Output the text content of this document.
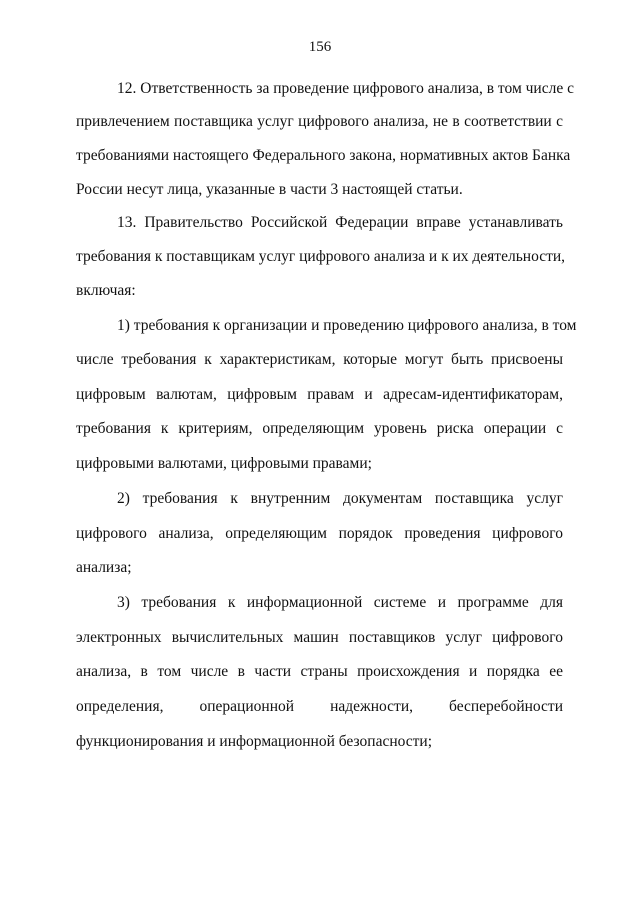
156
12. Ответственность за проведение цифрового анализа, в том числе с
привлечением поставщика услуг цифрового анализа, не в соответствии с
требованиями настоящего Федерального закона, нормативных актов Банка
России несут лица, указанные в части 3 настоящей статьи.
13. Правительство Российской Федерации вправе устанавливать
требования к поставщикам услуг цифрового анализа и к их деятельности,
включая:
1) требования к организации и проведению цифрового анализа, в том
числе требования к характеристикам, которые могут быть присвоены
цифровым валютам, цифровым правам и адресам-идентификаторам,
требования к критериям, определяющим уровень риска операции с
цифровыми валютами, цифровыми правами;
2) требования к внутренним документам поставщика услуг
цифрового анализа, определяющим порядок проведения цифрового
анализа;
3) требования к информационной системе и программе для
электронных вычислительных машин поставщиков услуг цифрового
анализа, в том числе в части страны происхождения и порядка ее
определения, операционной надежности, бесперебойности
функционирования и информационной безопасности;
